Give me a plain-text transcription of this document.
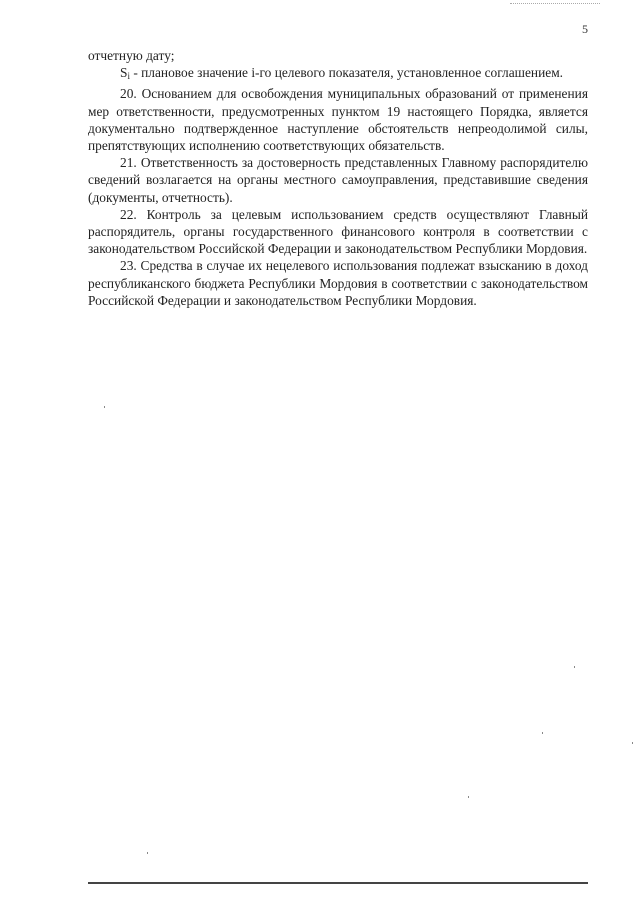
5

отчетную дату;

$S_i$ - плановое значение i-го целевого показателя, установленное соглашением.

20. Основанием для освобождения муниципальных образований от применения мер ответственности, предусмотренных пунктом 19 настоящего Порядка, является документально подтвержденное наступление обстоятельств непреодолимой силы, препятствующих исполнению соответствующих обязательств.

21. Ответственность за достоверность представленных Главному распорядителю сведений возлагается на органы местного самоуправления, представившие сведения (документы, отчетность).

22. Контроль за целевым использованием средств осуществляют Главный распорядитель, органы государственного финансового контроля в соответствии с законодательством Российской Федерации и законодательством Республики Мордовия.

23. Средства в случае их нецелевого использования подлежат взысканию в доход республиканского бюджета Республики Мордовия в соответствии с законодательством Российской Федерации и законодательством Республики Мордовия.
